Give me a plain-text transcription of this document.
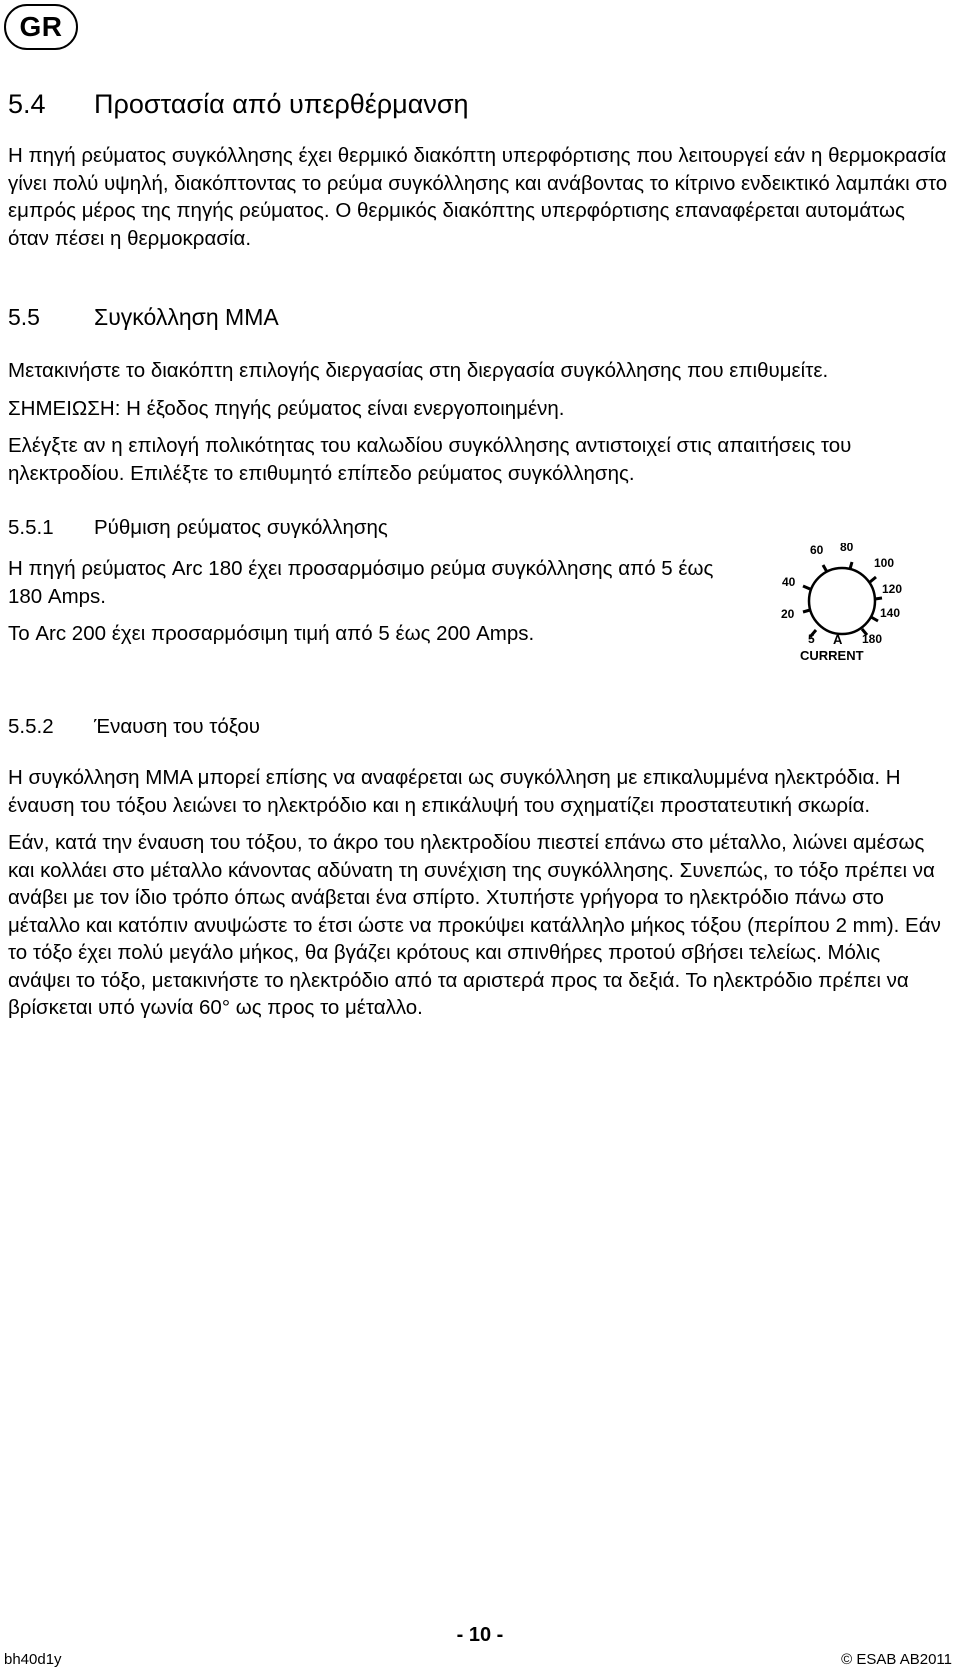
GR
5.4	Προστασία από υπερθέρμανση

Η πηγή ρεύματος συγκόλλησης έχει θερμικό διακόπτη υπερφόρτισης που λειτουργεί εάν η θερμοκρασία γίνει πολύ υψηλή, διακόπτοντας το ρεύμα συγκόλλησης και ανάβοντας το κίτρινο ενδεικτικό λαμπάκι στο εμπρός μέρος της πηγής ρεύματος. Ο θερμικός διακόπτης υπερφόρτισης επαναφέρεται αυτομάτως όταν πέσει η θερμοκρασία.

5.5	Συγκόλληση MMA

Μετακινήστε το διακόπτη επιλογής διεργασίας στη διεργασία συγκόλλησης που επιθυμείτε.

ΣΗΜΕΙΩΣΗ: Η έξοδος πηγής ρεύματος είναι ενεργοποιημένη.

Ελέγξτε αν η επιλογή πολικότητας του καλωδίου συγκόλλησης αντιστοιχεί στις απαιτήσεις του ηλεκτροδίου. Επιλέξτε το επιθυμητό επίπεδο ρεύματος συγκόλλησης.

5.5.1	Ρύθμιση ρεύματος συγκόλλησης

Η πηγή ρεύματος Arc 180 έχει προσαρμόσιμο ρεύμα συγκόλλησης από 5 έως 180 Amps.

Το Arc 200 έχει προσαρμόσιμη τιμή από 5 έως 200 Amps.

60 80
100
120
140
180
40
20
5 A
CURRENT
5.5.2	Έναυση του τόξου

Η συγκόλληση MMA μπορεί επίσης να αναφέρεται ως συγκόλληση με επικαλυμμένα ηλεκτρόδια. Η έναυση του τόξου λειώνει το ηλεκτρόδιο και η επικάλυψή του σχηματίζει προστατευτική σκωρία.

Εάν, κατά την έναυση του τόξου, το άκρο του ηλεκτροδίου πιεστεί επάνω στο μέταλλο, λιώνει αμέσως και κολλάει στο μέταλλο κάνοντας αδύνατη τη συνέχιση της συγκόλλησης. Συνεπώς, το τόξο πρέπει να ανάβει με τον ίδιο τρόπο όπως ανάβεται ένα σπίρτο. Χτυπήστε γρήγορα το ηλεκτρόδιο πάνω στο μέταλλο και κατόπιν ανυψώστε το έτσι ώστε να προκύψει κατάλληλο μήκος τόξου (περίπου 2 mm). Εάν το τόξο έχει πολύ μεγάλο μήκος, θα βγάζει κρότους και σπινθήρες προτού σβήσει τελείως. Μόλις ανάψει το τόξο, μετακινήστε το ηλεκτρόδιο από τα αριστερά προς τα δεξιά. Το ηλεκτρόδιο πρέπει να βρίσκεται υπό γωνία 60° ως προς το μέταλλο.

bh40d1y
- 10 -
© ESAB AB2011
